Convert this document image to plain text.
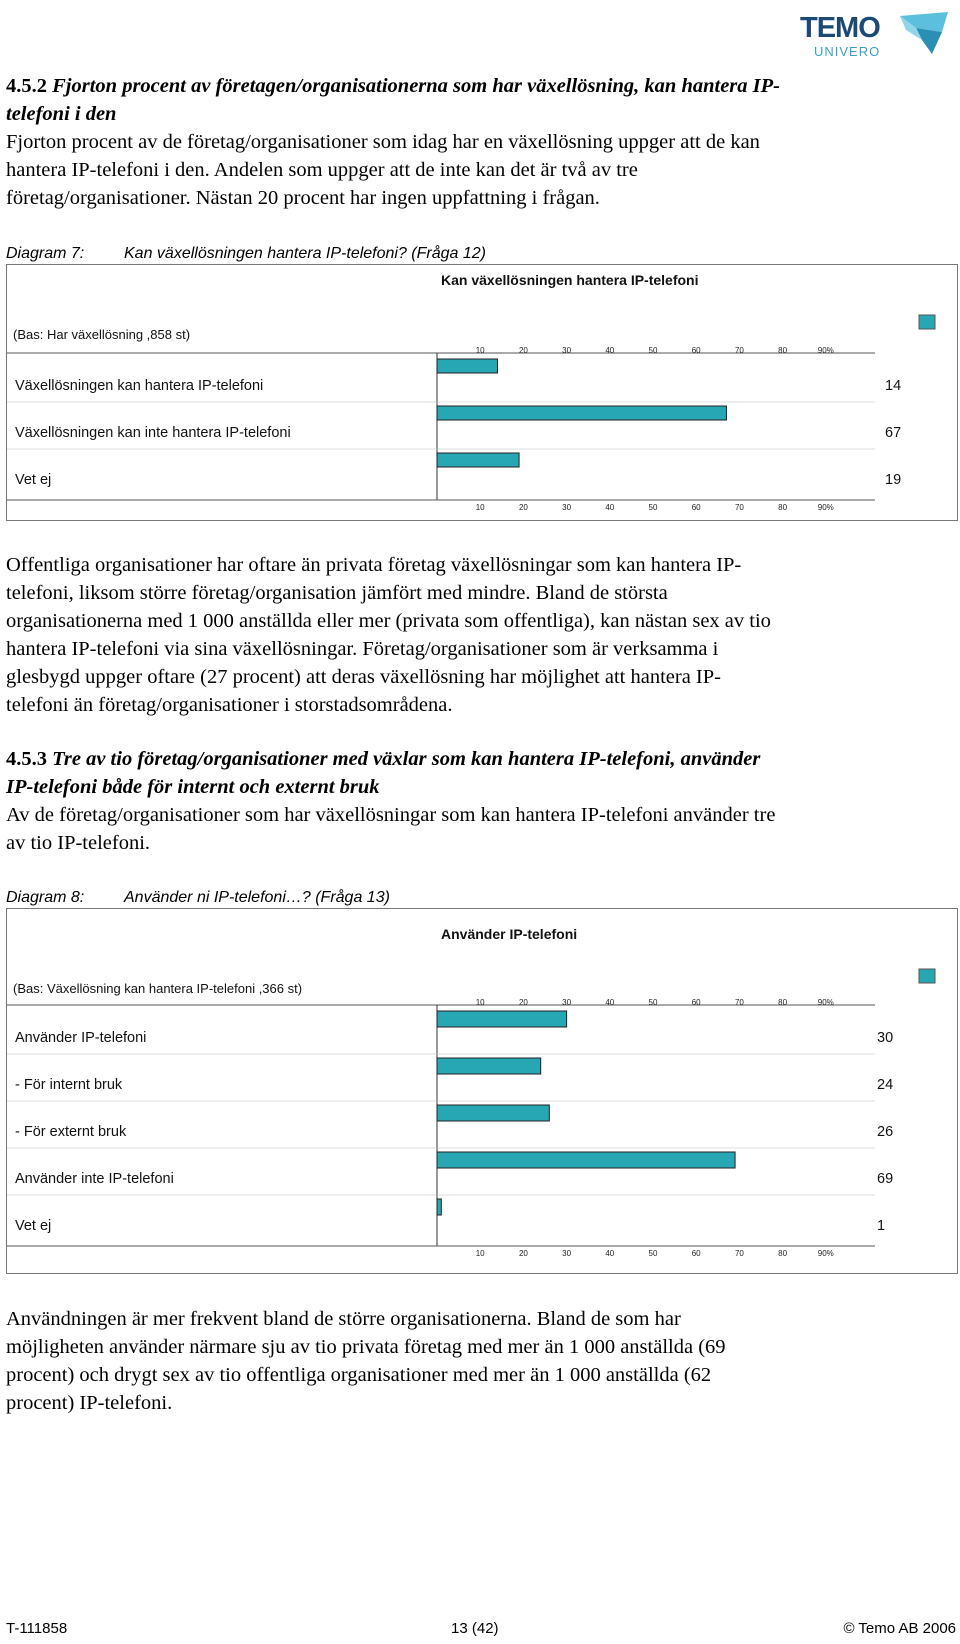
TEMO
UNIVERO
4.5.2 Fjorton procent av företagen/organisationerna som har växellösning, kan hantera IP-
telefoni i den
Fjorton procent av de företag/organisationer som idag har en växellösning uppger att de kan
hantera IP-telefoni i den. Andelen som uppger att de inte kan det är två av tre
företag/organisationer. Nästan 20 procent har ingen uppfattning i frågan.
Diagram 7: Kan växellösningen hantera IP-telefoni? (Fråga 12)
Kan växellösningen hantera IP-telefoni
(Bas: Har växellösning ,858 st)
10
10
20
20
30
30
40
40
50
50
60
60
70
70
80
80
90%
90%
Växellösningen kan hantera IP-telefoni	14
Växellösningen kan inte hantera IP-telefoni	67
Vet ej	19
Offentliga organisationer har oftare än privata företag växellösningar som kan hantera IP-
telefoni, liksom större företag/organisation jämfört med mindre. Bland de största
organisationerna med 1 000 anställda eller mer (privata som offentliga), kan nästan sex av tio
hantera IP-telefoni via sina växellösningar. Företag/organisationer som är verksamma i
glesbygd uppger oftare (27 procent) att deras växellösning har möjlighet att hantera IP-
telefoni än företag/organisationer i storstadsområdena.
4.5.3 Tre av tio företag/organisationer med växlar som kan hantera IP-telefoni, använder
IP-telefoni både för internt och externt bruk
Av de företag/organisationer som har växellösningar som kan hantera IP-telefoni använder tre
av tio IP-telefoni.
Diagram 8: Använder ni IP-telefoni…? (Fråga 13)
Använder IP-telefoni
(Bas: Växellösning kan hantera IP-telefoni ,366 st)
10
10
20
20
30
30
40
40
50
50
60
60
70
70
80
80
90%
90%
Använder IP-telefoni	30
- För internt bruk	24
- För externt bruk	26
Använder inte IP-telefoni	69
Vet ej	1
Användningen är mer frekvent bland de större organisationerna. Bland de som har
möjligheten använder närmare sju av tio privata företag med mer än 1 000 anställda (69
procent) och drygt sex av tio offentliga organisationer med mer än 1 000 anställda (62
procent) IP-telefoni.
T-111858	13 (42)	© Temo AB 2006
